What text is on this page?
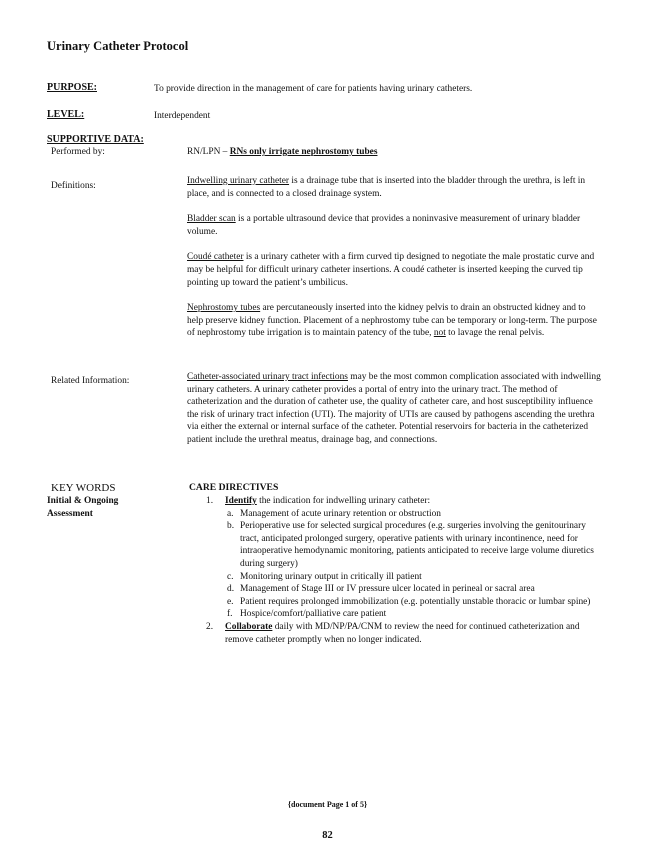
Urinary Catheter Protocol
PURPOSE:	To provide direction in the management of care for patients having urinary catheters.
LEVEL:	Interdependent
SUPPORTIVE DATA:
Performed by:	RN/LPN – RNs only irrigate nephrostomy tubes
Definitions:	Indwelling urinary catheter is a drainage tube that is inserted into the bladder through the urethra, is left in place, and is connected to a closed drainage system.

Bladder scan is a portable ultrasound device that provides a noninvasive measurement of urinary bladder volume.

Coudé catheter is a urinary catheter with a firm curved tip designed to negotiate the male prostatic curve and may be helpful for difficult urinary catheter insertions. A coudé catheter is inserted keeping the curved tip pointing up toward the patient’s umbilicus.

Nephrostomy tubes are percutaneously inserted into the kidney pelvis to drain an obstructed kidney and to help preserve kidney function. Placement of a nephrostomy tube can be temporary or long-term. The purpose of nephrostomy tube irrigation is to maintain patency of the tube, not to lavage the renal pelvis.

Related Information:	Catheter-associated urinary tract infections may be the most common complication associated with indwelling urinary catheters. A urinary catheter provides a portal of entry into the urinary tract. The method of catheterization and the duration of catheter use, the quality of catheter care, and host susceptibility influence the risk of urinary tract infection (UTI). The majority of UTIs are caused by pathogens ascending the urethra via either the external or internal surface of the catheter. Potential reservoirs for bacteria in the catheterized patient include the urethral meatus, drainage bag, and connections.
KEY WORDS
Initial & Ongoing
Assessment
CARE DIRECTIVES
1. Identify the indication for indwelling urinary catheter:
a. Management of acute urinary retention or obstruction
b. Perioperative use for selected surgical procedures (e.g. surgeries involving the genitourinary tract, anticipated prolonged surgery, operative patients with urinary incontinence, need for intraoperative hemodynamic monitoring, patients anticipated to receive large volume diuretics during surgery)
c. Monitoring urinary output in critically ill patient
d. Management of Stage III or IV pressure ulcer located in perineal or sacral area
e. Patient requires prolonged immobilization (e.g. potentially unstable thoracic or lumbar spine)
f. Hospice/comfort/palliative care patient
2. Collaborate daily with MD/NP/PA/CNM to review the need for continued catheterization and remove catheter promptly when no longer indicated.
{document Page 1 of 5}
82
